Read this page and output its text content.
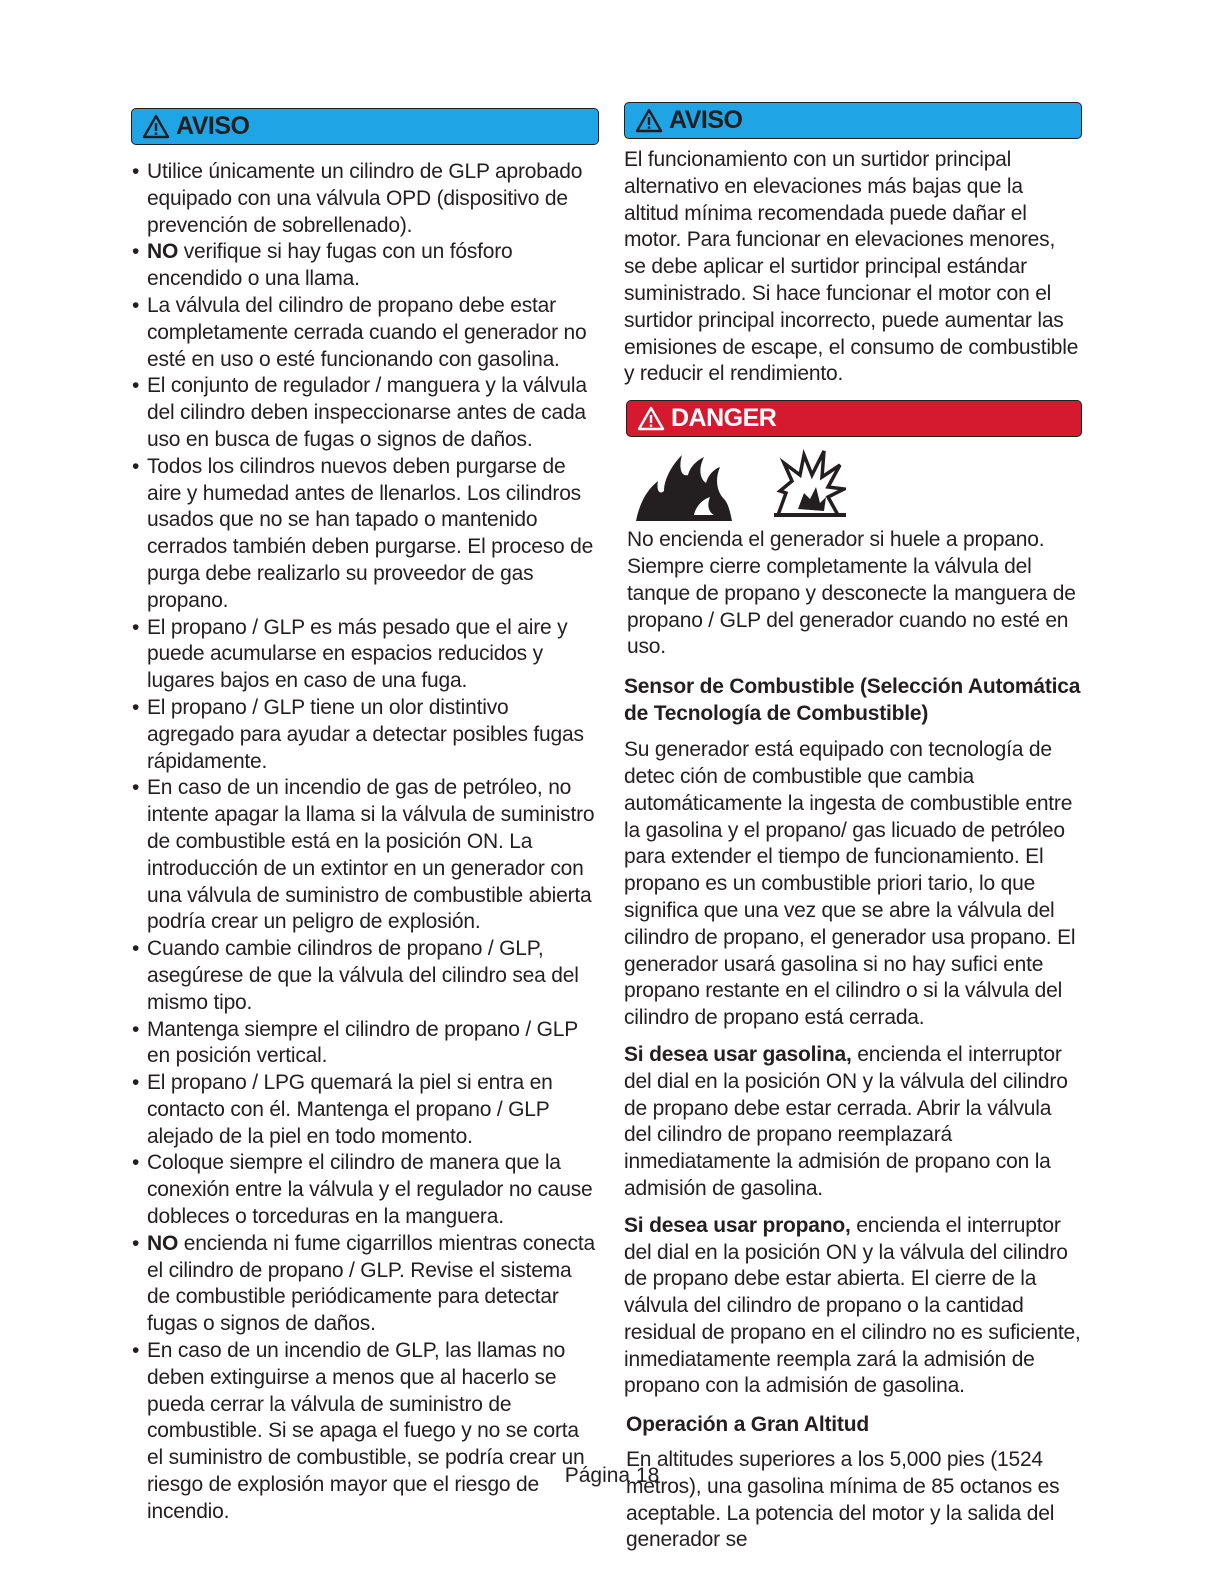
AVISO
• Utilice únicamente un cilindro de GLP aprobado equipado con una válvula OPD (dispositivo de prevención de sobrellenado).
• NO verifique si hay fugas con un fósforo encendido o una llama.
• La válvula del cilindro de propano debe estar completamente cerrada cuando el generador no esté en uso o esté funcionando con gasolina.
• El conjunto de regulador / manguera y la válvula del cilindro deben inspeccionarse antes de cada uso en busca de fugas o signos de daños.
• Todos los cilindros nuevos deben purgarse de aire y humedad antes de llenarlos. Los cilindros usados que no se han tapado o mantenido cerrados también deben purgarse. El proceso de purga debe realizarlo su proveedor de gas propano.
• El propano / GLP es más pesado que el aire y puede acumularse en espacios reducidos y lugares bajos en caso de una fuga.
• El propano / GLP tiene un olor distintivo agregado para ayudar a detectar posibles fugas rápidamente.
• En caso de un incendio de gas de petróleo, no intente apagar la llama si la válvula de suministro de combustible está en la posición ON. La introducción de un extintor en un generador con una válvula de suministro de combustible abierta podría crear un peligro de explosión.
• Cuando cambie cilindros de propano / GLP, asegúrese de que la válvula del cilindro sea del mismo tipo.
• Mantenga siempre el cilindro de propano / GLP en posición vertical.
• El propano / LPG quemará la piel si entra en contacto con él. Mantenga el propano / GLP alejado de la piel en todo momento.
• Coloque siempre el cilindro de manera que la conexión entre la válvula y el regulador no cause dobleces o torceduras en la manguera.
• NO encienda ni fume cigarrillos mientras conecta el cilindro de propano / GLP. Revise el sistema de combustible periódicamente para detectar fugas o signos de daños.
• En caso de un incendio de GLP, las llamas no deben extinguirse a menos que al hacerlo se pueda cerrar la válvula de suministro de combustible. Si se apaga el fuego y no se corta el suministro de combustible, se podría crear un riesgo de explosión mayor que el riesgo de incendio.
AVISO

El funcionamiento con un surtidor principal alternativo en elevaciones más bajas que la altitud mínima recomendada puede dañar el motor. Para funcionar en elevaciones menores, se debe aplicar el surtidor principal estándar suministrado. Si hace funcionar el motor con el surtidor principal incorrecto, puede aumentar las emisiones de escape, el consumo de combustible y reducir el rendimiento.

DANGER

No encienda el generador si huele a propano. Siempre cierre completamente la válvula del tanque de propano y desconecte la manguera de propano / GLP del generador cuando no esté en uso.

Sensor de Combustible (Selección Automática de Tecnología de Combustible)

Su generador está equipado con tecnología de detec ción de combustible que cambia automáticamente la ingesta de combustible entre la gasolina y el propano/ gas licuado de petróleo para extender el tiempo de funcionamiento. El propano es un combustible priori tario, lo que significa que una vez que se abre la válvula del cilindro de propano, el generador usa propano. El generador usará gasolina si no hay sufici ente propano restante en el cilindro o si la válvula del cilindro de propano está cerrada.

Si desea usar gasolina, encienda el interruptor del dial en la posición ON y la válvula del cilindro de propano debe estar cerrada. Abrir la válvula del cilindro de propano reemplazará inmediatamente la admisión de propano con la admisión de gasolina.

Si desea usar propano, encienda el interruptor del dial en la posición ON y la válvula del cilindro de propano debe estar abierta. El cierre de la válvula del cilindro de propano o la cantidad residual de propano en el cilindro no es suficiente, inmediatamente reempla zará la admisión de propano con la admisión de gasolina.

Operación a Gran Altitud

En altitudes superiores a los 5,000 pies (1524 metros), una gasolina mínima de 85 octanos es aceptable. La potencia del motor y la salida del generador se

Página 18
